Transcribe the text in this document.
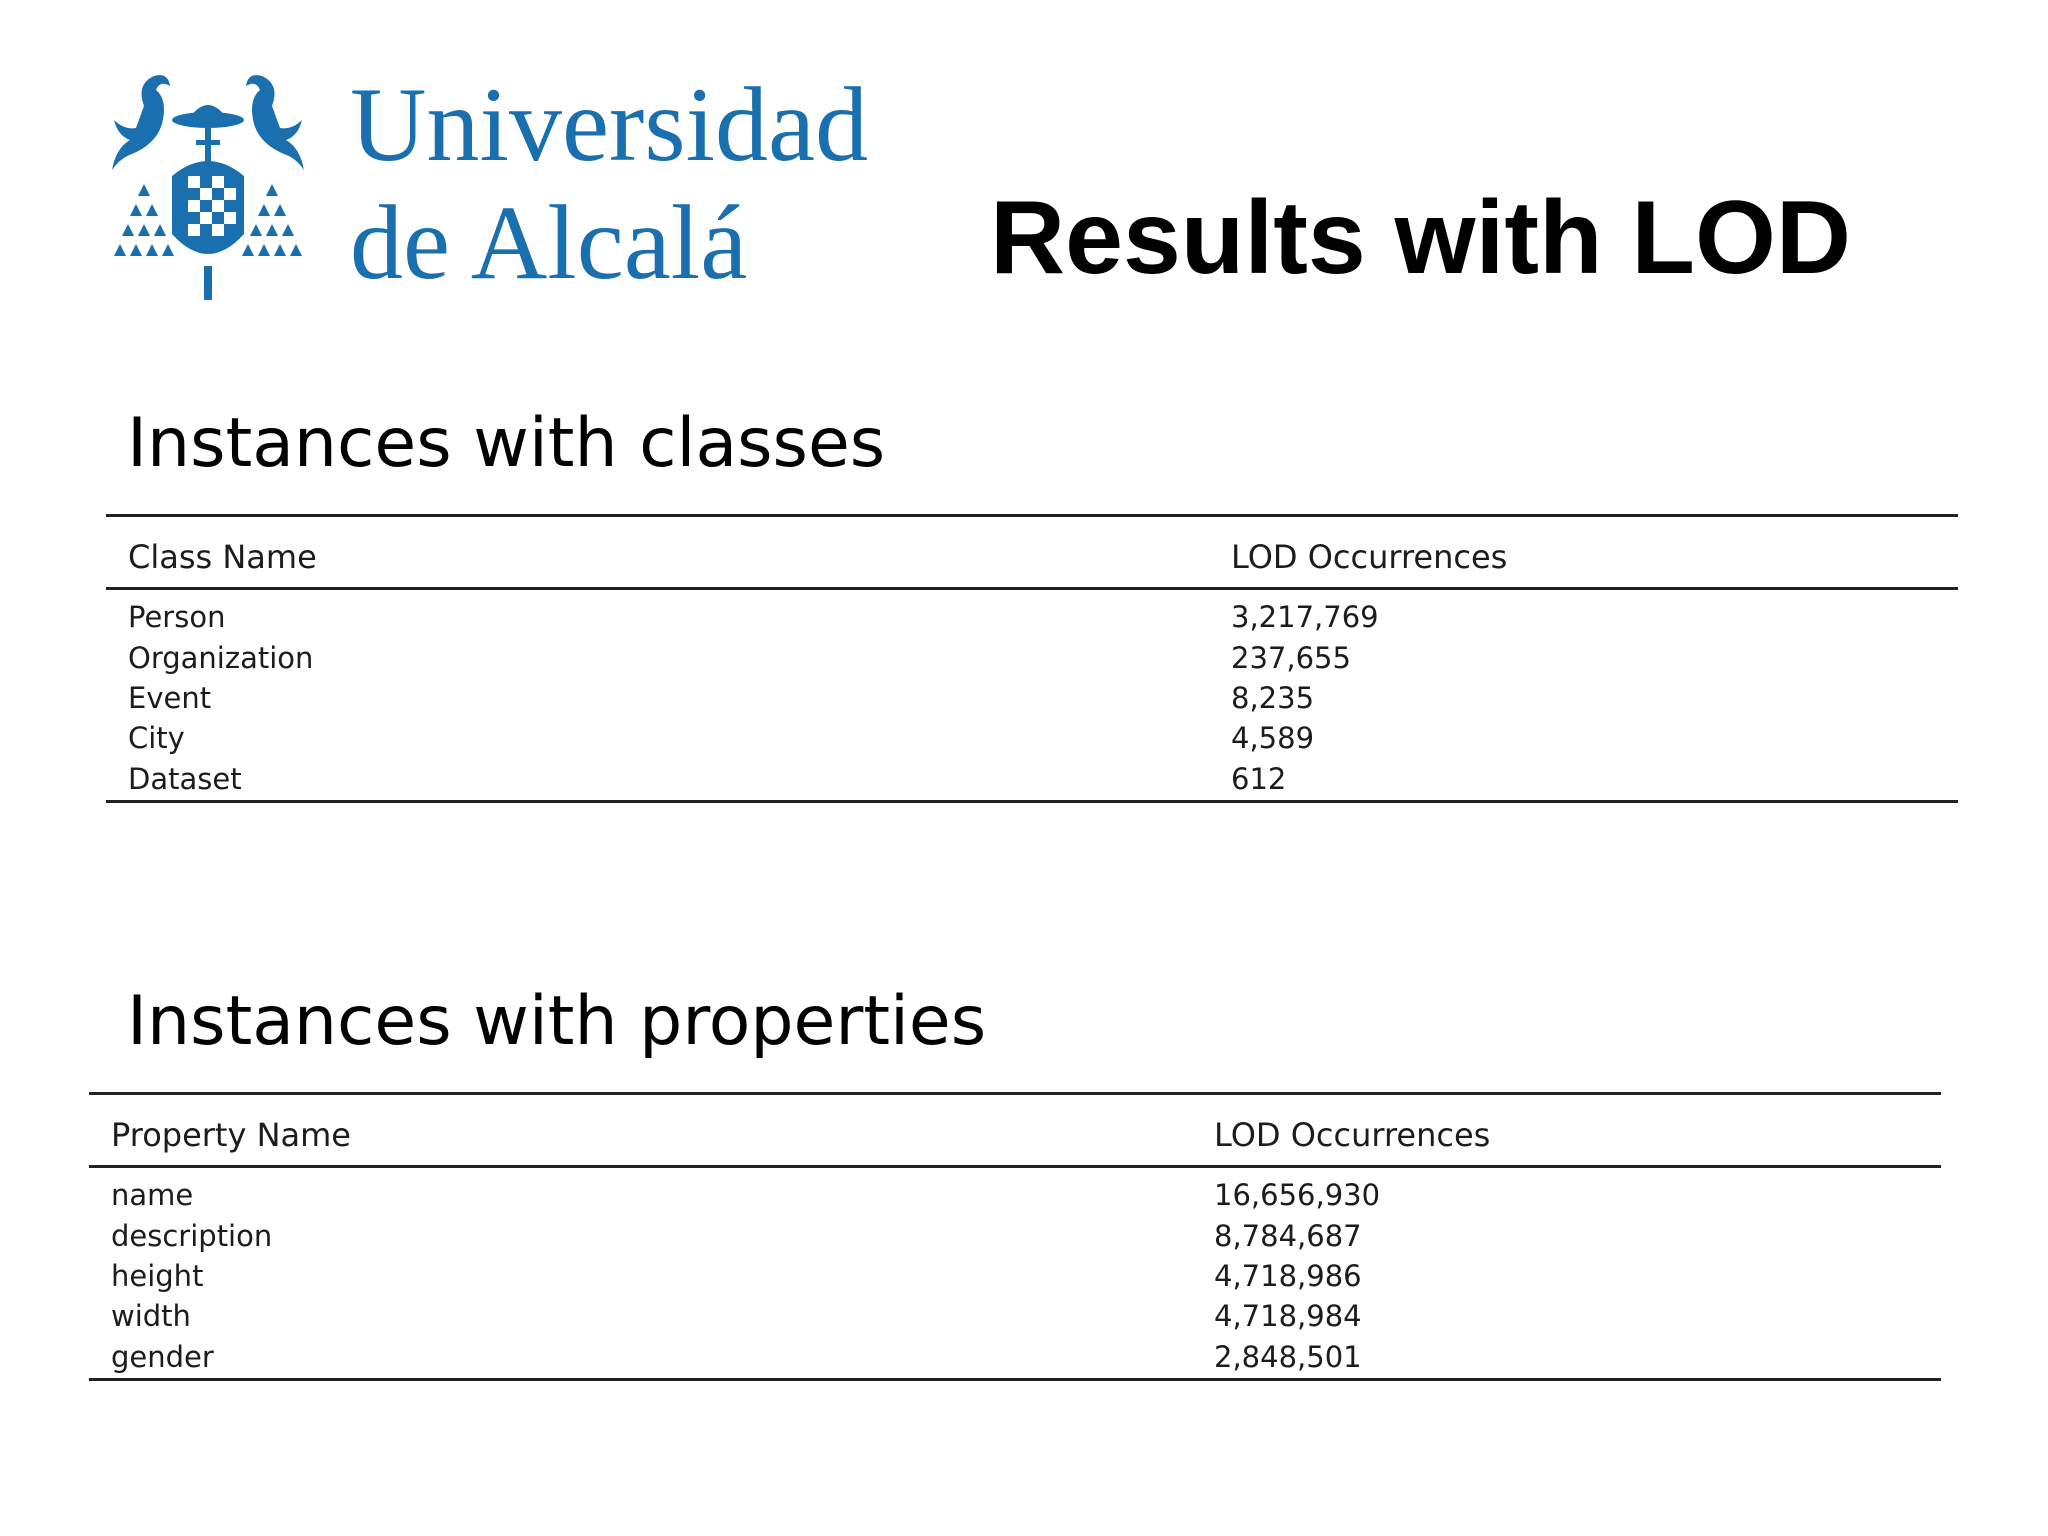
Universidad
de Alcalá	Results with LOD
Instances with classes
Class Name	LOD Occurrences
Person	3,217,769
Organization	237,655
Event	8,235
City	4,589
Dataset	612
Instances with properties
Property Name	LOD Occurrences
name	16,656,930
description	8,784,687
height	4,718,986
width	4,718,984
gender	2,848,501
